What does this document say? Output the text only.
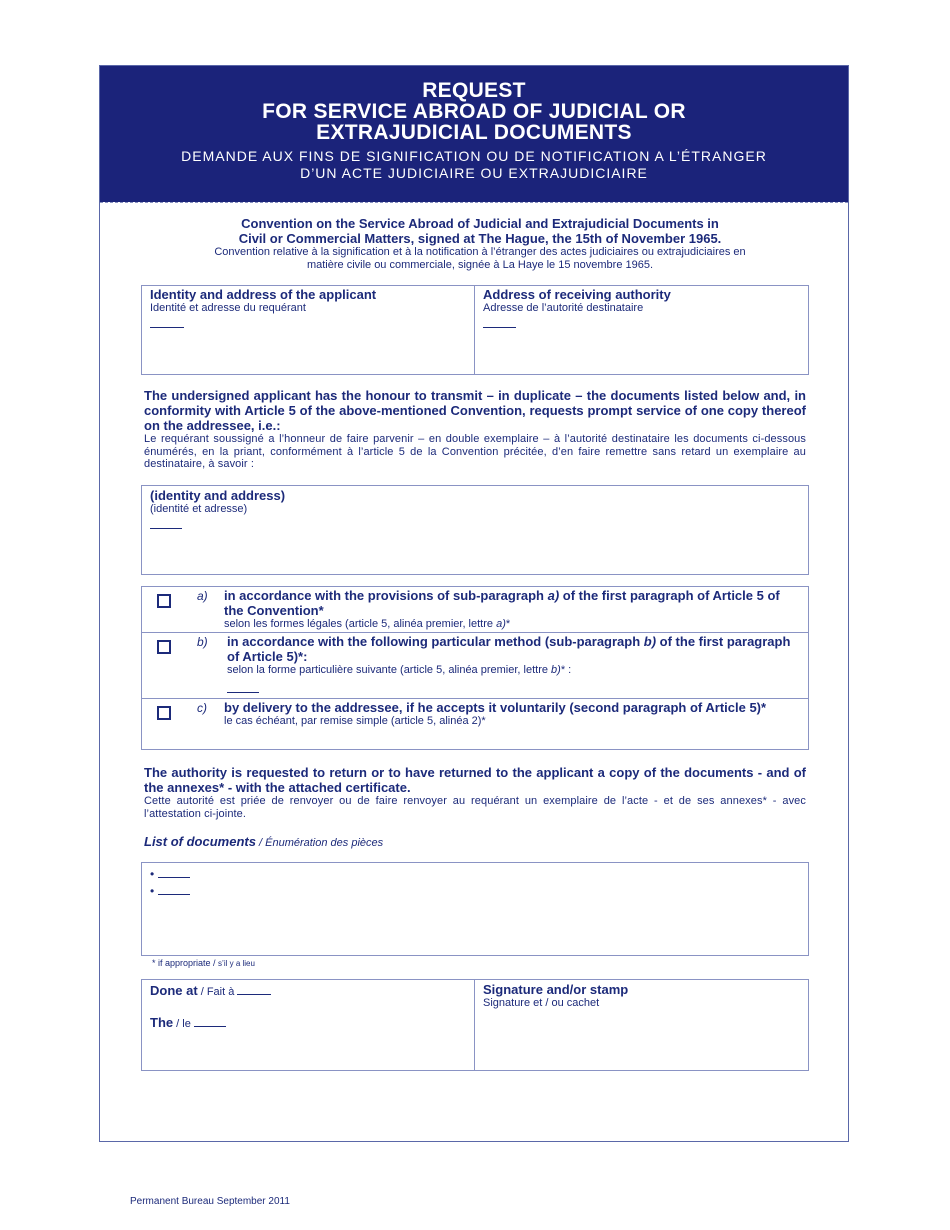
REQUEST
FOR SERVICE ABROAD OF JUDICIAL OR
EXTRAJUDICIAL DOCUMENTS
DEMANDE AUX FINS DE SIGNIFICATION OU DE NOTIFICATION A L’ÉTRANGER
D’UN ACTE JUDICIAIRE OU EXTRAJUDICIAIRE
Convention on the Service Abroad of Judicial and Extrajudicial Documents in
Civil or Commercial Matters, signed at The Hague, the 15th of November 1965.
Convention relative à la signification et à la notification à l’étranger des actes judiciaires ou extrajudiciaires en
matière civile ou commerciale, signée à La Haye le 15 novembre 1965.
Identity and address of the applicant
Identité et adresse du requérant
Address of receiving authority
Adresse de l’autorité destinataire
The undersigned applicant has the honour to transmit – in duplicate – the documents listed below and, in conformity with Article 5 of the above-mentioned Convention, requests prompt service of one copy thereof on the addressee, i.e.:
Le requérant soussigné a l’honneur de faire parvenir – en double exemplaire – à l’autorité destinataire les documents ci-dessous énumérés, en la priant, conformément à l’article 5 de la Convention précitée, d’en faire remettre sans retard un exemplaire au destinataire, à savoir :
(identity and address)
(identité et adresse)
a) in accordance with the provisions of sub-paragraph a) of the first paragraph of Article 5 of the Convention*
selon les formes légales (article 5, alinéa premier, lettre a)*
b) in accordance with the following particular method (sub-paragraph b) of the first paragraph of Article 5)*:
selon la forme particulière suivante (article 5, alinéa premier, lettre b)* :
c) by delivery to the addressee, if he accepts it voluntarily (second paragraph of Article 5)*
le cas échéant, par remise simple (article 5, alinéa 2)*
The authority is requested to return or to have returned to the applicant a copy of the documents - and of the annexes* - with the attached certificate.
Cette autorité est priée de renvoyer ou de faire renvoyer au requérant un exemplaire de l’acte - et de ses annexes* - avec l’attestation ci-jointe.
List of documents / Énumération des pièces
•
•
* if appropriate / s’il y a lieu
Done at / Fait à
The / le
Signature and/or stamp
Signature et / ou cachet
Permanent Bureau September 2011
